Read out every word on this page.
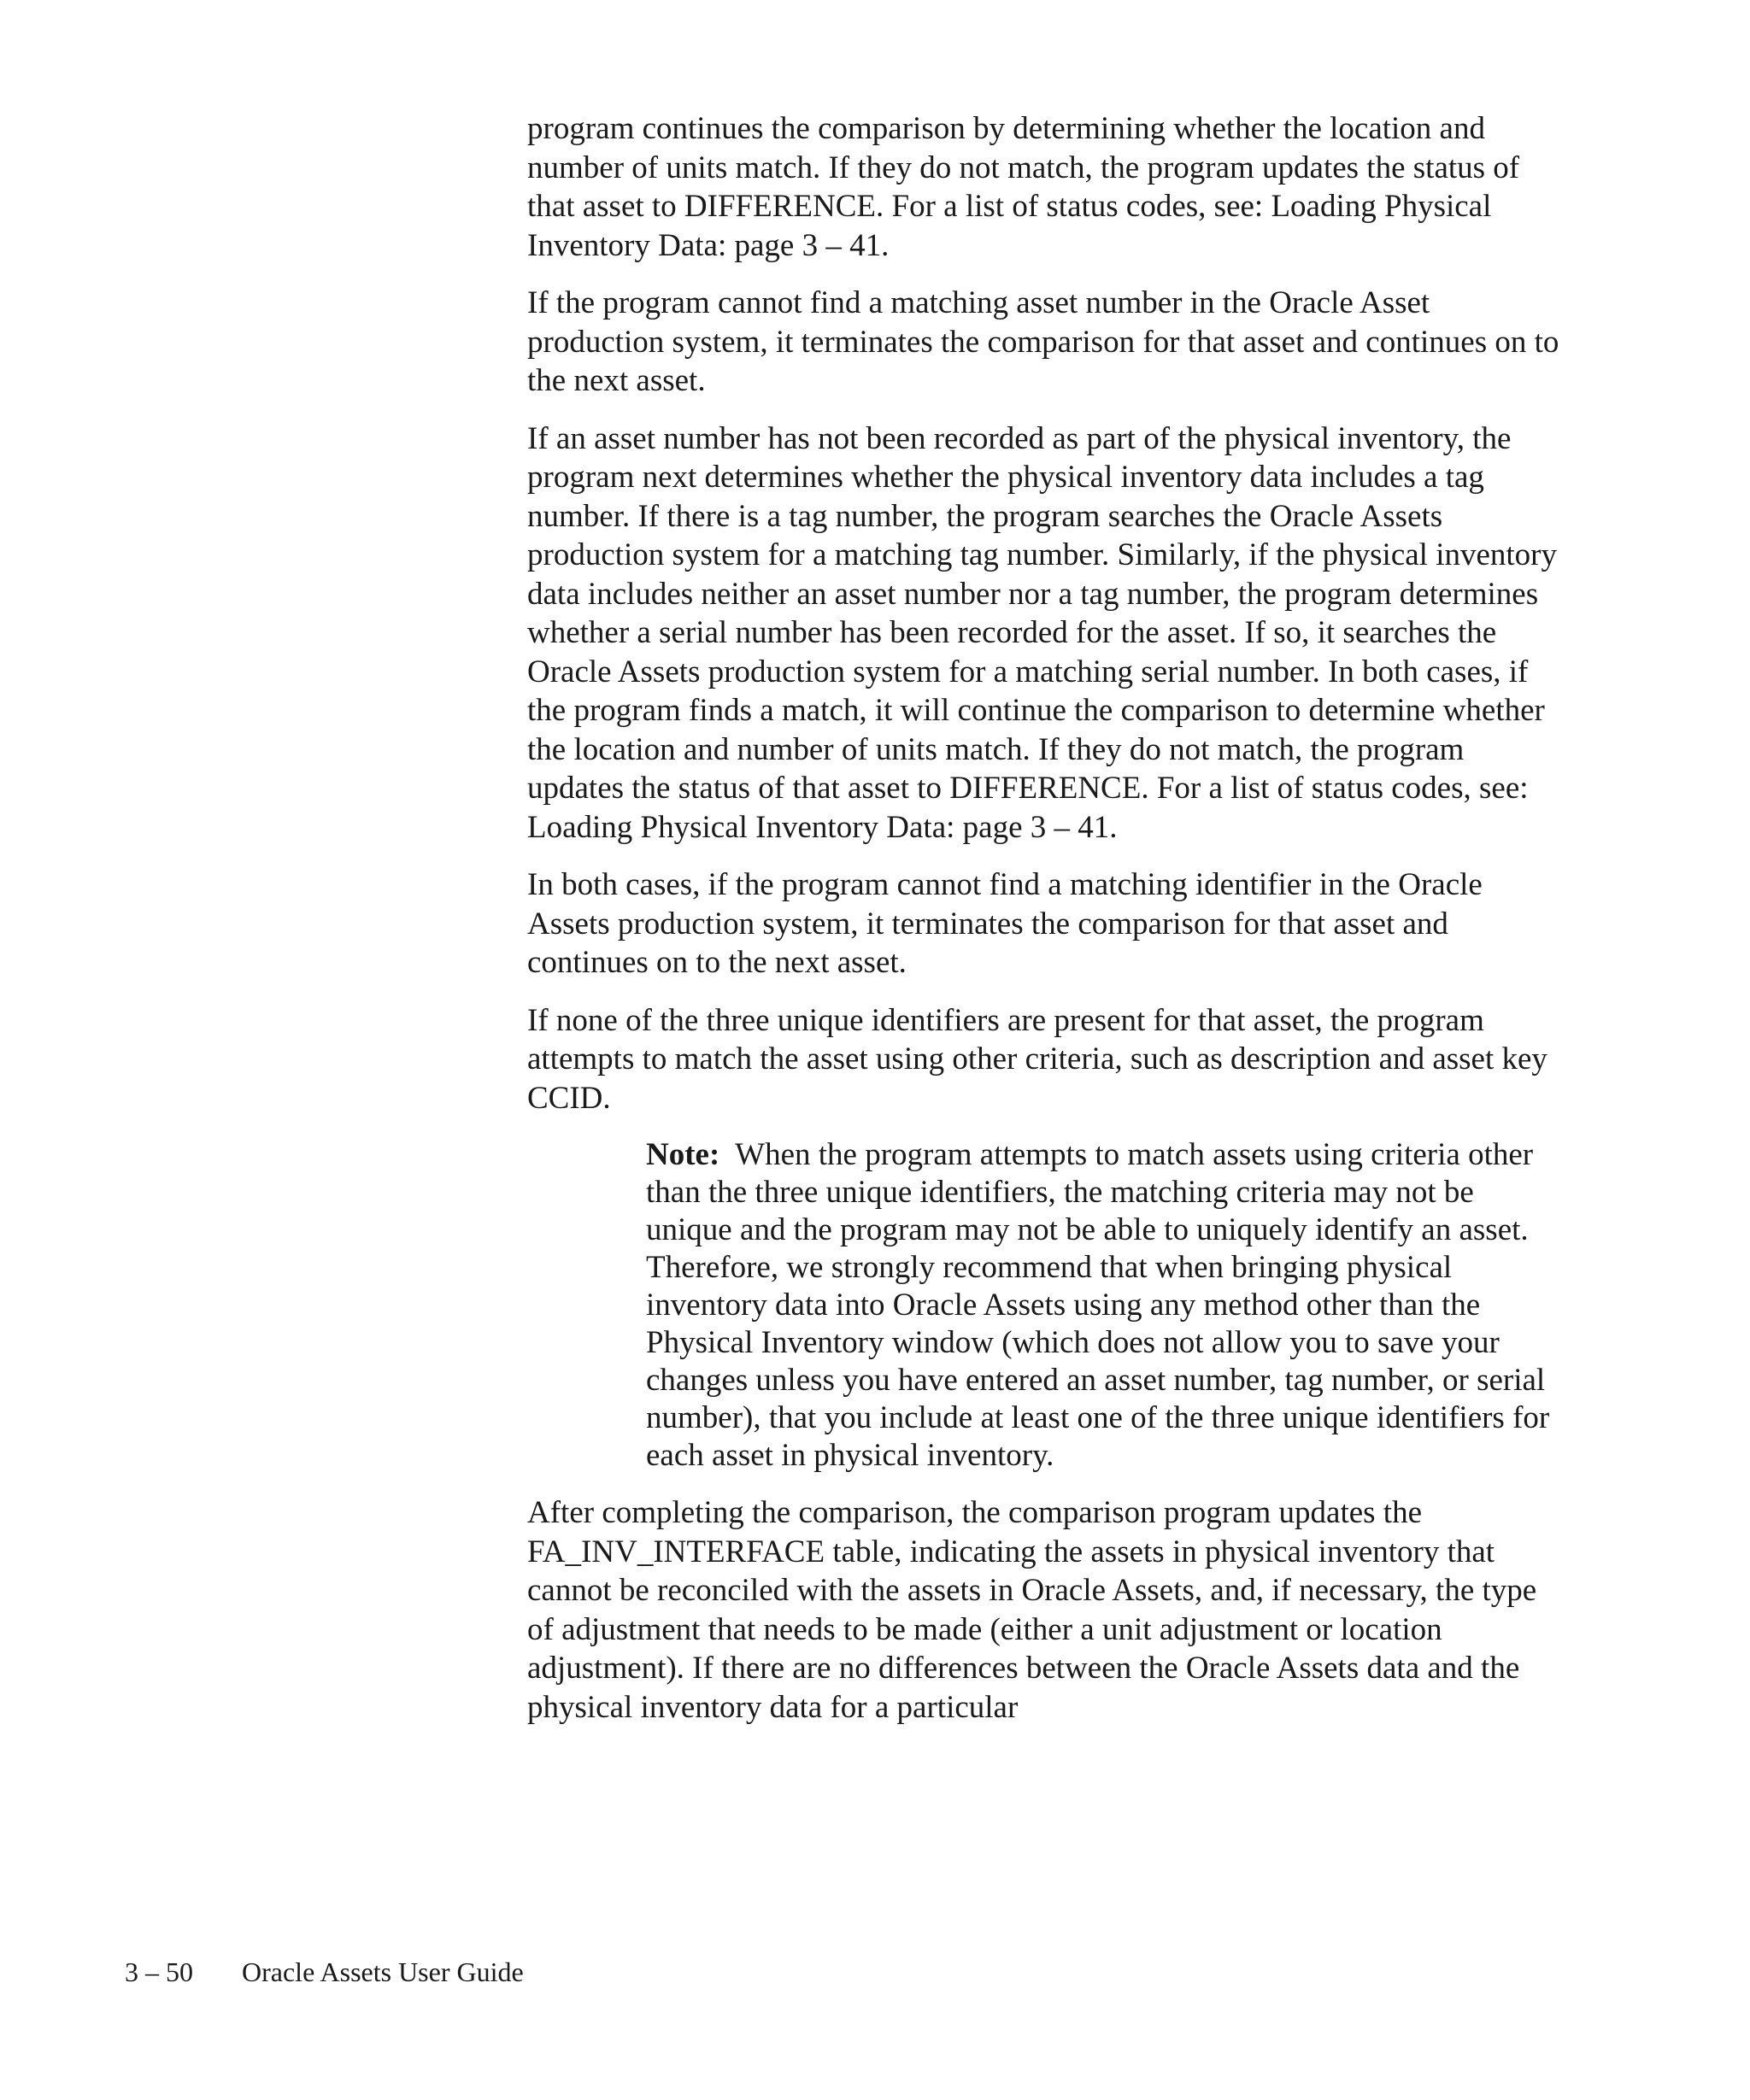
program continues the comparison by determining whether the location and number of units match. If they do not match, the program updates the status of that asset to DIFFERENCE. For a list of status codes, see: Loading Physical Inventory Data: page 3 – 41.

If the program cannot find a matching asset number in the Oracle Asset production system, it terminates the comparison for that asset and continues on to the next asset.

If an asset number has not been recorded as part of the physical inventory, the program next determines whether the physical inventory data includes a tag number. If there is a tag number, the program searches the Oracle Assets production system for a matching tag number. Similarly, if the physical inventory data includes neither an asset number nor a tag number, the program determines whether a serial number has been recorded for the asset. If so, it searches the Oracle Assets production system for a matching serial number. In both cases, if the program finds a match, it will continue the comparison to determine whether the location and number of units match. If they do not match, the program updates the status of that asset to DIFFERENCE. For a list of status codes, see: Loading Physical Inventory Data: page 3 – 41.

In both cases, if the program cannot find a matching identifier in the Oracle Assets production system, it terminates the comparison for that asset and continues on to the next asset.

If none of the three unique identifiers are present for that asset, the program attempts to match the asset using other criteria, such as description and asset key CCID.

Note: When the program attempts to match assets using criteria other than the three unique identifiers, the matching criteria may not be unique and the program may not be able to uniquely identify an asset. Therefore, we strongly recommend that when bringing physical inventory data into Oracle Assets using any method other than the Physical Inventory window (which does not allow you to save your changes unless you have entered an asset number, tag number, or serial number), that you include at least one of the three unique identifiers for each asset in physical inventory.

After completing the comparison, the comparison program updates the FA_INV_INTERFACE table, indicating the assets in physical inventory that cannot be reconciled with the assets in Oracle Assets, and, if necessary, the type of adjustment that needs to be made (either a unit adjustment or location adjustment). If there are no differences between the Oracle Assets data and the physical inventory data for a particular

3 – 50 Oracle Assets User Guide
